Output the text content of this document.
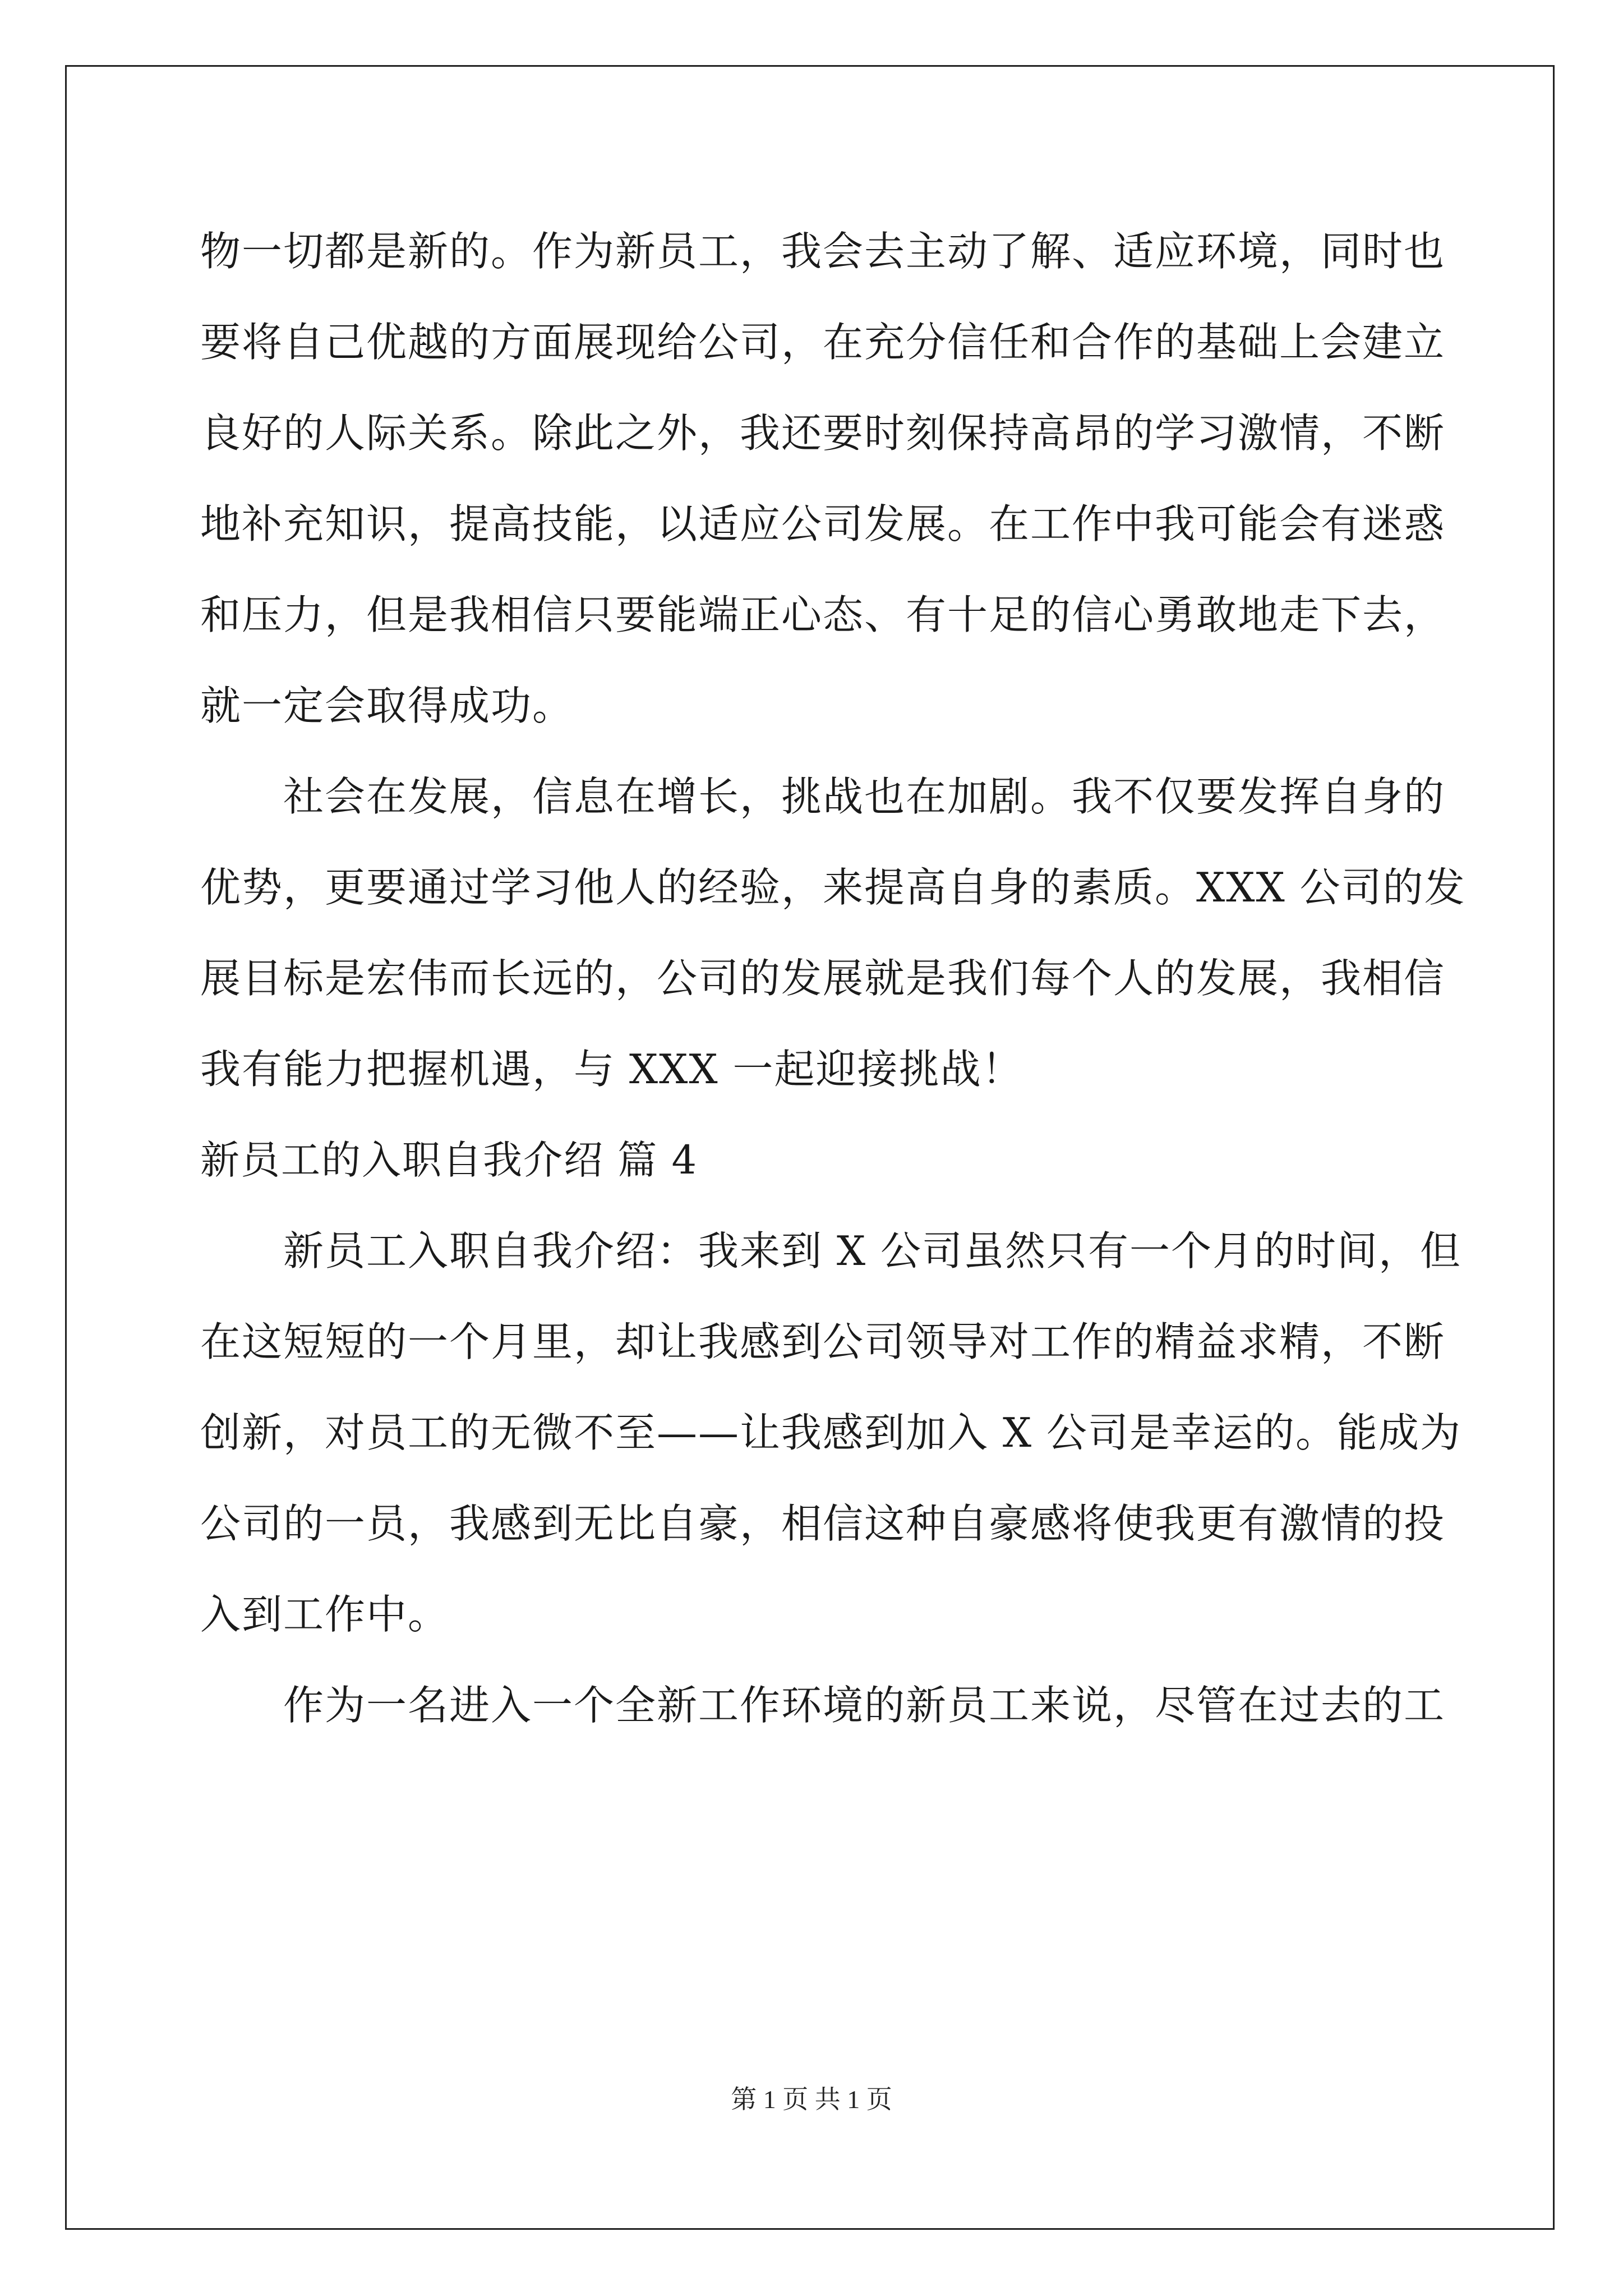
物一切都是新的。作为新员工，我会去主动了解、适应环境，同时也
要将自己优越的方面展现给公司，在充分信任和合作的基础上会建立
良好的人际关系。除此之外，我还要时刻保持高昂的学习激情，不断
地补充知识，提高技能，以适应公司发展。在工作中我可能会有迷惑
和压力，但是我相信只要能端正心态、有十足的信心勇敢地走下去，
就一定会取得成功。
社会在发展，信息在增长，挑战也在加剧。我不仅要发挥自身的
优势，更要通过学习他人的经验，来提高自身的素质。XXX 公司的发
展目标是宏伟而长远的，公司的发展就是我们每个人的发展，我相信
我有能力把握机遇，与 XXX 一起迎接挑战！
新员工的入职自我介绍 篇 4
新员工入职自我介绍：我来到 X 公司虽然只有一个月的时间，但
在这短短的一个月里，却让我感到公司领导对工作的精益求精，不断
创新，对员工的无微不至——让我感到加入 X 公司是幸运的。能成为
公司的一员，我感到无比自豪，相信这种自豪感将使我更有激情的投
入到工作中。
作为一名进入一个全新工作环境的新员工来说，尽管在过去的工
第 1 页 共 1 页
